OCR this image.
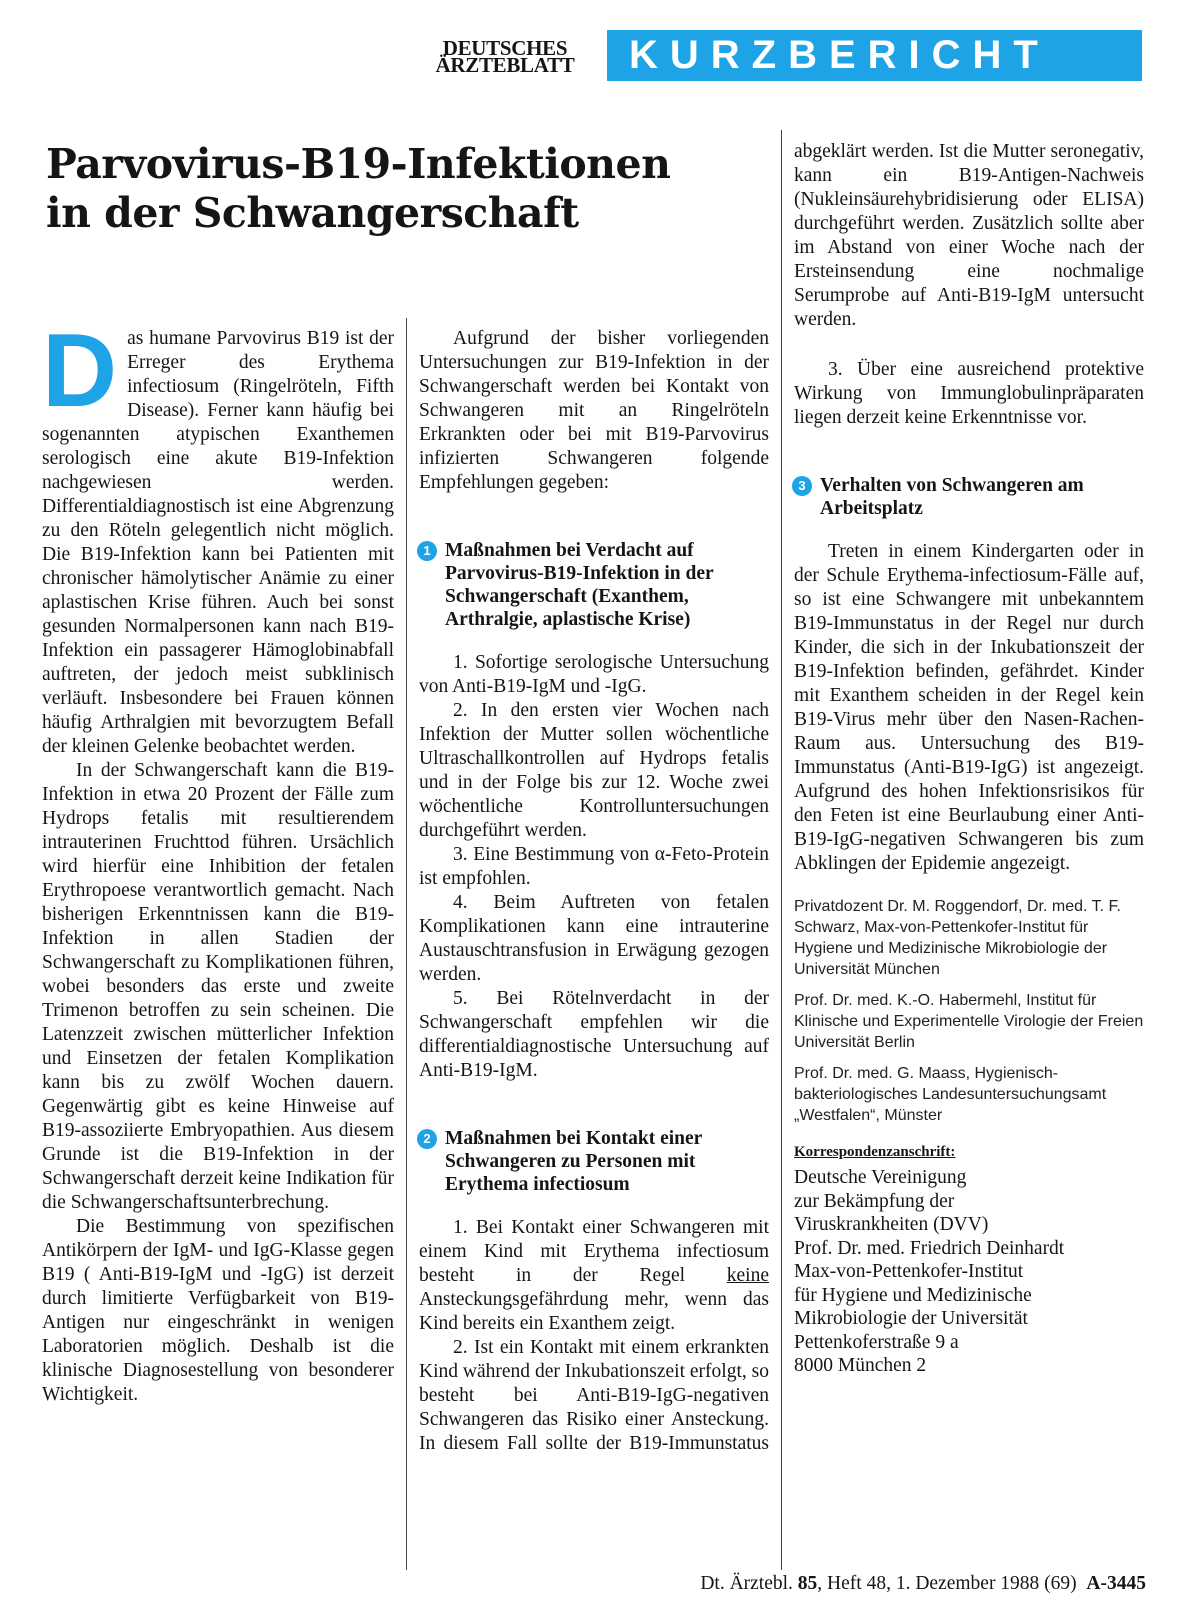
DEUTSCHES
ÄRZTEBLATT	KURZBERICHT
Parvovirus-B19-Infektionen
in der Schwangerschaft

Das humane Parvovirus B19 ist der Erreger des Erythema infectiosum (Ringelröteln, Fifth Disease). Ferner kann häufig bei sogenannten atypischen Exanthemen serologisch eine akute B19-Infektion nachgewiesen werden. Differentialdiagnostisch ist eine Abgrenzung zu den Röteln gelegentlich nicht möglich. Die B19-Infektion kann bei Patienten mit chronischer hämolytischer Anämie zu einer aplastischen Krise führen. Auch bei sonst gesunden Normalpersonen kann nach B19-Infektion ein passagerer Hämoglobinabfall auftreten, der jedoch meist subklinisch verläuft. Insbesondere bei Frauen können häufig Arthralgien mit bevorzugtem Befall der kleinen Gelenke beobachtet werden.

In der Schwangerschaft kann die B19-Infektion in etwa 20 Prozent der Fälle zum Hydrops fetalis mit resultierendem intrauterinen Fruchttod führen. Ursächlich wird hierfür eine Inhibition der fetalen Erythropoese verantwortlich gemacht. Nach bisherigen Erkenntnissen kann die B19-Infektion in allen Stadien der Schwangerschaft zu Komplikationen führen, wobei besonders das erste und zweite Trimenon betroffen zu sein scheinen. Die Latenzzeit zwischen mütterlicher Infektion und Einsetzen der fetalen Komplikation kann bis zu zwölf Wochen dauern. Gegenwärtig gibt es keine Hinweise auf B19-assoziierte Embryopathien. Aus diesem Grunde ist die B19-Infektion in der Schwangerschaft derzeit keine Indikation für die Schwangerschaftsunterbrechung.

Die Bestimmung von spezifischen Antikörpern der IgM- und IgG-Klasse gegen B19 ( Anti-B19-IgM und -IgG) ist derzeit durch limitierte Verfügbarkeit von B19-Antigen nur eingeschränkt in wenigen Laboratorien möglich. Deshalb ist die klinische Diagnosestellung von besonderer Wichtigkeit.

Aufgrund der bisher vorliegenden Untersuchungen zur B19-Infektion in der Schwangerschaft werden bei Kontakt von Schwangeren mit an Ringelröteln Erkrankten oder bei mit B19-Parvovirus infizierten Schwangeren folgende Empfehlungen gegeben:

1 Maßnahmen bei Verdacht auf Parvovirus-B19-Infektion in der Schwangerschaft (Exanthem, Arthralgie, aplastische Krise)

1. Sofortige serologische Untersuchung von Anti-B19-IgM und -IgG.

2. In den ersten vier Wochen nach Infektion der Mutter sollen wöchentliche Ultraschallkontrollen auf Hydrops fetalis und in der Folge bis zur 12. Woche zwei wöchentliche Kontrolluntersuchungen durchgeführt werden.

3. Eine Bestimmung von α-Feto-Protein ist empfohlen.

4. Beim Auftreten von fetalen Komplikationen kann eine intrauterine Austauschtransfusion in Erwägung gezogen werden.

5. Bei Rötelnverdacht in der Schwangerschaft empfehlen wir die differentialdiagnostische Untersuchung auf Anti-B19-IgM.

2 Maßnahmen bei Kontakt einer Schwangeren zu Personen mit Erythema infectiosum

1. Bei Kontakt einer Schwangeren mit einem Kind mit Erythema infectiosum besteht in der Regel keine Ansteckungsgefährdung mehr, wenn das Kind bereits ein Exanthem zeigt.

2. Ist ein Kontakt mit einem erkrankten Kind während der Inkubationszeit erfolgt, so besteht bei Anti-B19-IgG-negativen Schwangeren das Risiko einer Ansteckung. In diesem Fall sollte der B19-Immunstatus

abgeklärt werden. Ist die Mutter seronegativ, kann ein B19-Antigen-Nachweis (Nukleinsäurehybridisierung oder ELISA) durchgeführt werden. Zusätzlich sollte aber im Abstand von einer Woche nach der Ersteinsendung eine nochmalige Serumprobe auf Anti-B19-IgM untersucht werden.

3. Über eine ausreichend protektive Wirkung von Immunglobulinpräparaten liegen derzeit keine Erkenntnisse vor.

3 Verhalten von Schwangeren am Arbeitsplatz

Treten in einem Kindergarten oder in der Schule Erythema-infectiosum-Fälle auf, so ist eine Schwangere mit unbekanntem B19-Immunstatus in der Regel nur durch Kinder, die sich in der Inkubationszeit der B19-Infektion befinden, gefährdet. Kinder mit Exanthem scheiden in der Regel kein B19-Virus mehr über den Nasen-Rachen-Raum aus. Untersuchung des B19-Immunstatus (Anti-B19-IgG) ist angezeigt. Aufgrund des hohen Infektionsrisikos für den Feten ist eine Beurlaubung einer Anti-B19-IgG-negativen Schwangeren bis zum Abklingen der Epidemie angezeigt.

Privatdozent Dr. M. Roggendorf, Dr. med. T. F. Schwarz, Max-von-Pettenkofer-Institut für Hygiene und Medizinische Mikrobiologie der Universität München

Prof. Dr. med. K.-O. Habermehl, Institut für Klinische und Experimentelle Virologie der Freien Universität Berlin

Prof. Dr. med. G. Maass, Hygienisch-bakteriologisches Landesuntersuchungsamt „Westfalen“, Münster

Korrespondenzanschrift:

Deutsche Vereinigung

zur Bekämpfung der

Viruskrankheiten (DVV)

Prof. Dr. med. Friedrich Deinhardt

Max-von-Pettenkofer-Institut

für Hygiene und Medizinische

Mikrobiologie der Universität

Pettenkoferstraße 9 a

8000 München 2

Dt. Ärztebl. 85, Heft 48, 1. Dezember 1988 (69) A-3445
